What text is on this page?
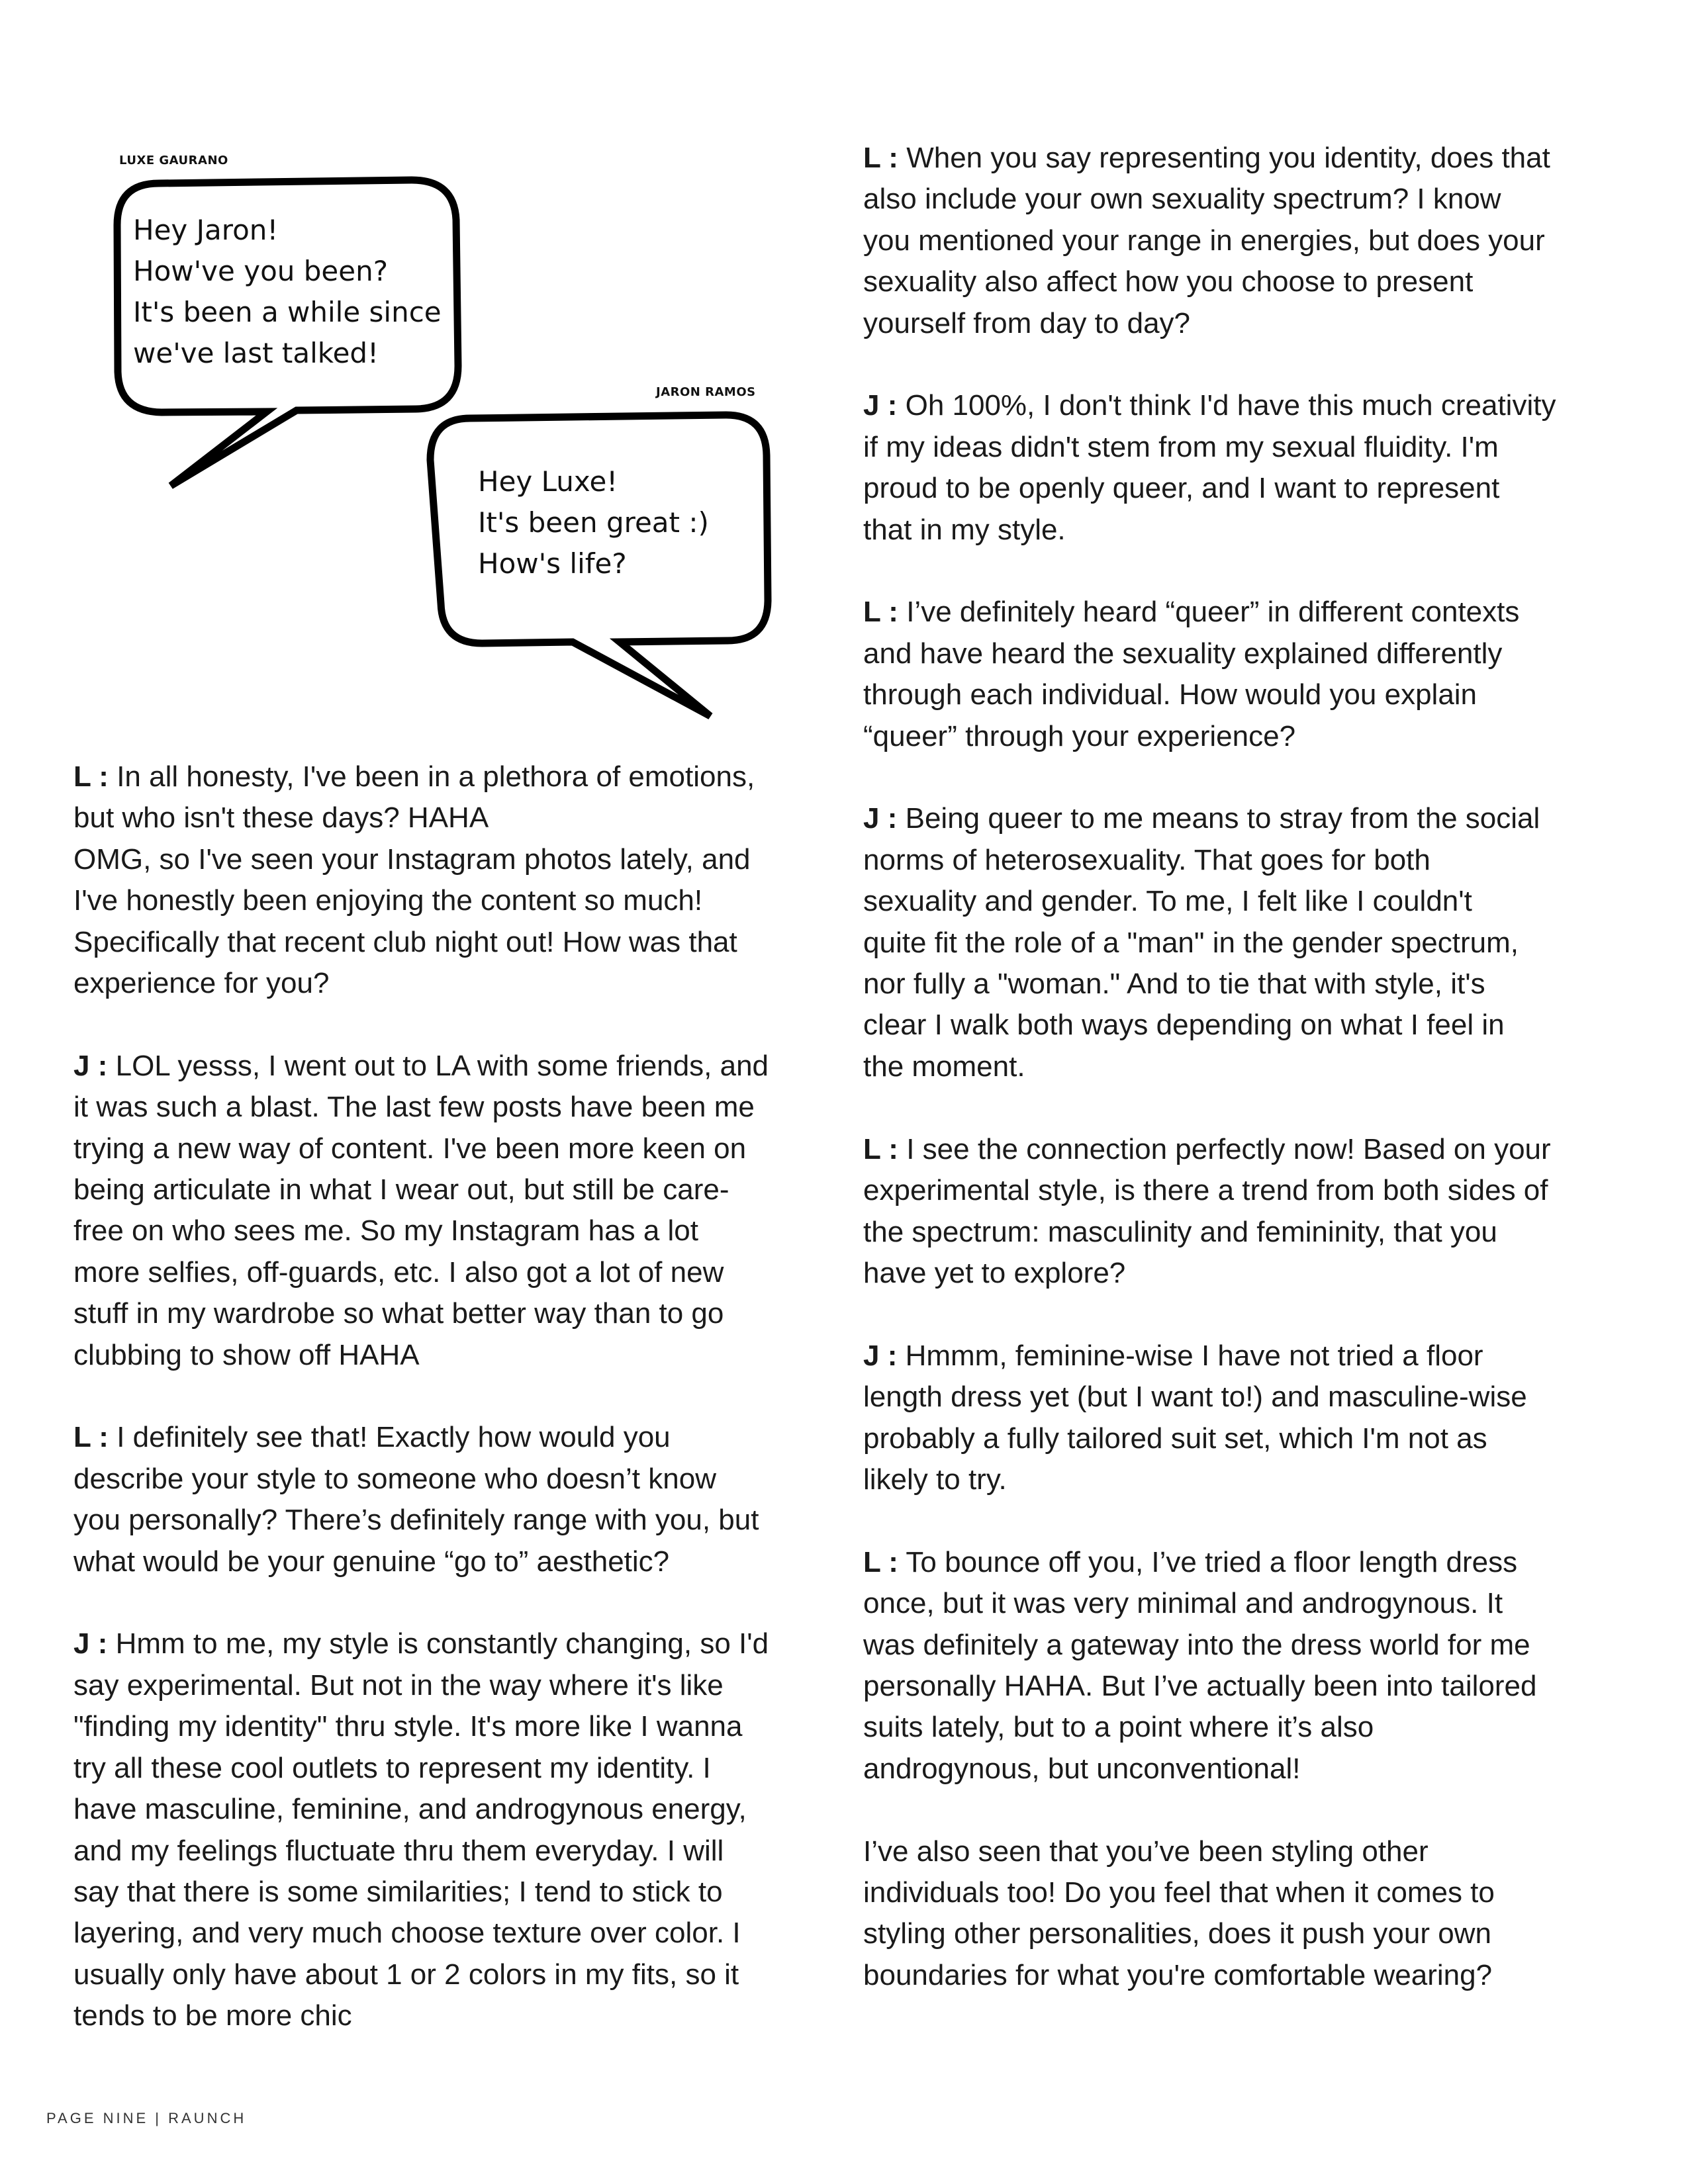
LUXE GAURANO
JARON RAMOS
Hey Jaron!
How've you been?
It's been a while since
we've last talked!
Hey Luxe!
It's been great :)
How's life?

L : In all honesty, I've been in a plethora of emotions,
but who isn't these days? HAHA
OMG, so I've seen your Instagram photos lately, and
I've honestly been enjoying the content so much!
Specifically that recent club night out! How was that
experience for you?

J : LOL yesss, I went out to LA with some friends, and
it was such a blast. The last few posts have been me
trying a new way of content. I've been more keen on
being articulate in what I wear out, but still be care-
free on who sees me. So my Instagram has a lot
more selfies, off-guards, etc. I also got a lot of new
stuff in my wardrobe so what better way than to go
clubbing to show off HAHA

L : I definitely see that! Exactly how would you
describe your style to someone who doesn’t know
you personally? There’s definitely range with you, but
what would be your genuine “go to” aesthetic?

J : Hmm to me, my style is constantly changing, so I'd
say experimental. But not in the way where it's like
"finding my identity" thru style. It's more like I wanna
try all these cool outlets to represent my identity. I
have masculine, feminine, and androgynous energy,
and my feelings fluctuate thru them everyday. I will
say that there is some similarities; I tend to stick to
layering, and very much choose texture over color. I
usually only have about 1 or 2 colors in my fits, so it
tends to be more chic

L : When you say representing you identity, does that
also include your own sexuality spectrum? I know
you mentioned your range in energies, but does your
sexuality also affect how you choose to present
yourself from day to day?

J : Oh 100%, I don't think I'd have this much creativity
if my ideas didn't stem from my sexual fluidity. I'm
proud to be openly queer, and I want to represent
that in my style.

L : I’ve definitely heard “queer” in different contexts
and have heard the sexuality explained differently
through each individual. How would you explain
“queer” through your experience?

J : Being queer to me means to stray from the social
norms of heterosexuality. That goes for both
sexuality and gender. To me, I felt like I couldn't
quite fit the role of a "man" in the gender spectrum,
nor fully a "woman." And to tie that with style, it's
clear I walk both ways depending on what I feel in
the moment.

L : I see the connection perfectly now! Based on your
experimental style, is there a trend from both sides of
the spectrum: masculinity and femininity, that you
have yet to explore?

J : Hmmm, feminine-wise I have not tried a floor
length dress yet (but I want to!) and masculine-wise
probably a fully tailored suit set, which I'm not as
likely to try.

L : To bounce off you, I’ve tried a floor length dress
once, but it was very minimal and androgynous. It
was definitely a gateway into the dress world for me
personally HAHA. But I’ve actually been into tailored
suits lately, but to a point where it’s also
androgynous, but unconventional!

I’ve also seen that you’ve been styling other
individuals too! Do you feel that when it comes to
styling other personalities, does it push your own
boundaries for what you're comfortable wearing?

PAGE NINE | RAUNCH
